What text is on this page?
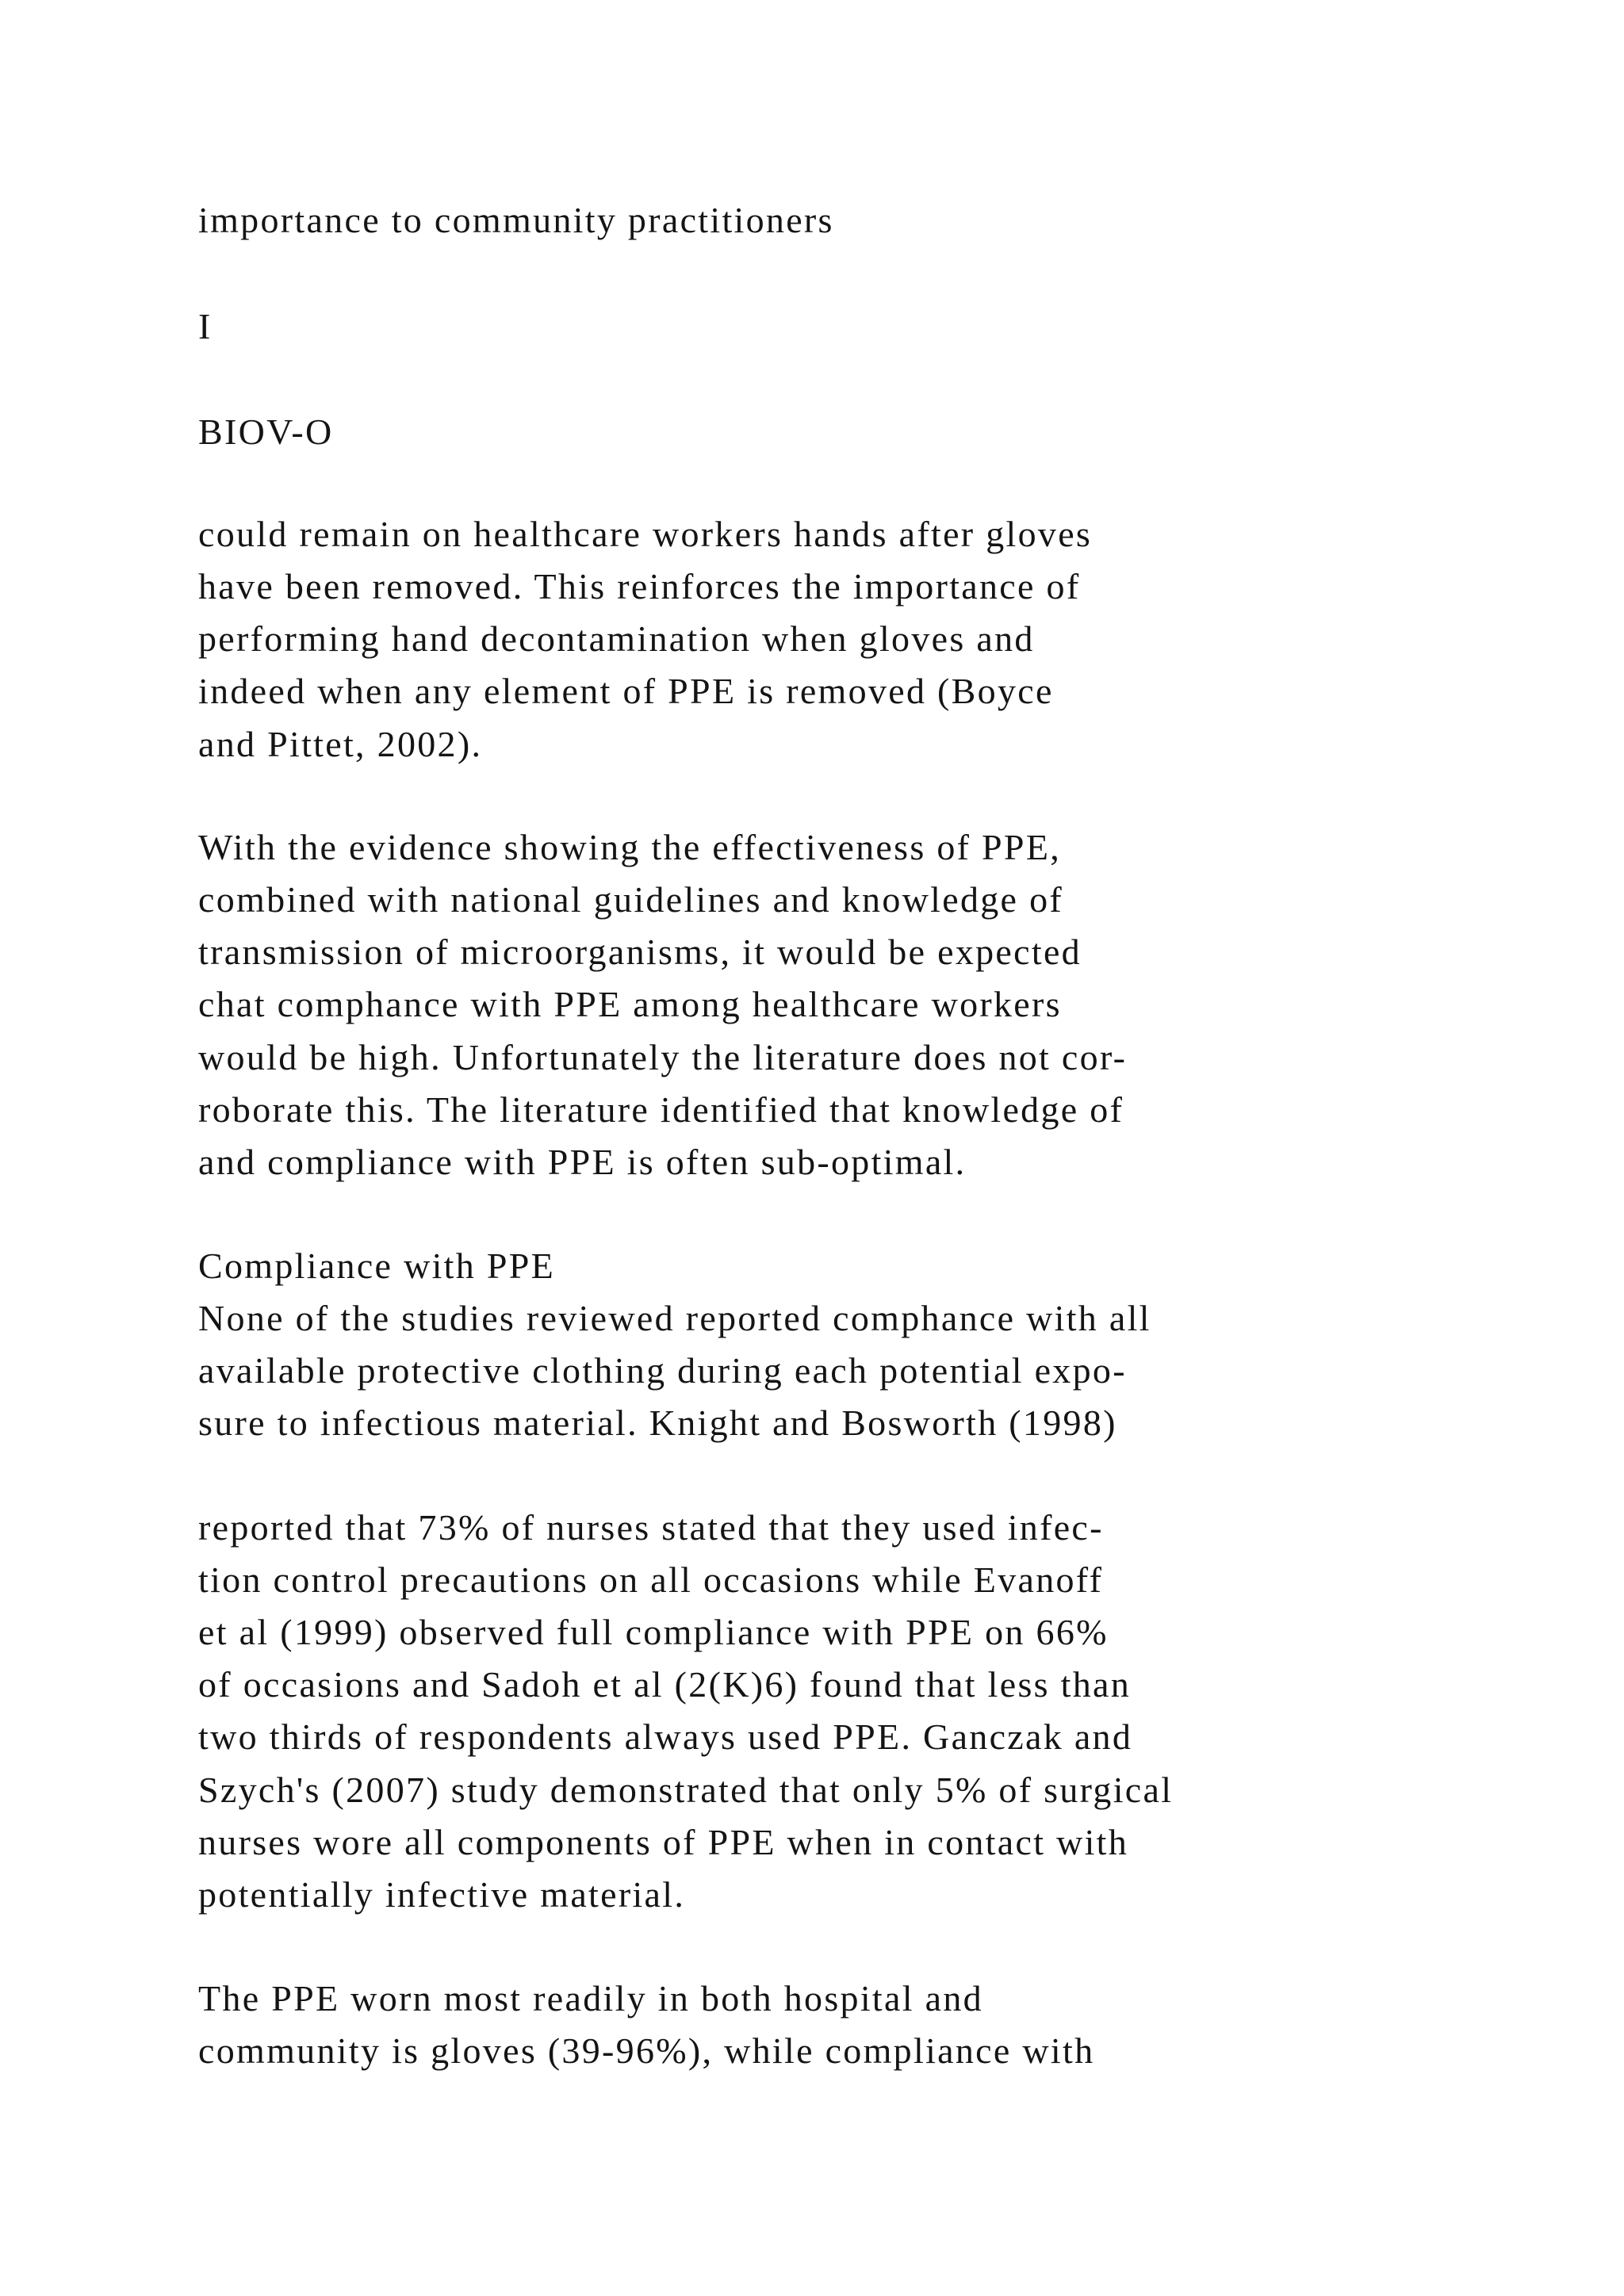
importance to community practitioners

I

BIOV-O

could remain on healthcare workers hands after gloves

have been removed. This reinforces the importance of

performing hand decontamination when gloves and

indeed when any element of PPE is removed (Boyce

and Pittet, 2002).

With the evidence showing the effectiveness of PPE,

combined with national guidelines and knowledge of

transmission of microorganisms, it would be expected

chat comphance with PPE among healthcare workers

would be high. Unfortunately the literature does not cor-

roborate this. The literature identified that knowledge of

and compliance with PPE is often sub-optimal.

Compliance with PPE

None of the studies reviewed reported comphance with all

available protective clothing during each potential expo-

sure to infectious material. Knight and Bosworth (1998)

reported that 73% of nurses stated that they used infec-

tion control precautions on all occasions while Evanoff

et al (1999) observed full compliance with PPE on 66%

of occasions and Sadoh et al (2(K)6) found that less than

two thirds of respondents always used PPE. Ganczak and

Szych's (2007) study demonstrated that only 5% of surgical

nurses wore all components of PPE when in contact with

potentially infective material.

The PPE worn most readily in both hospital and

community is gloves (39-96%), while compliance with
